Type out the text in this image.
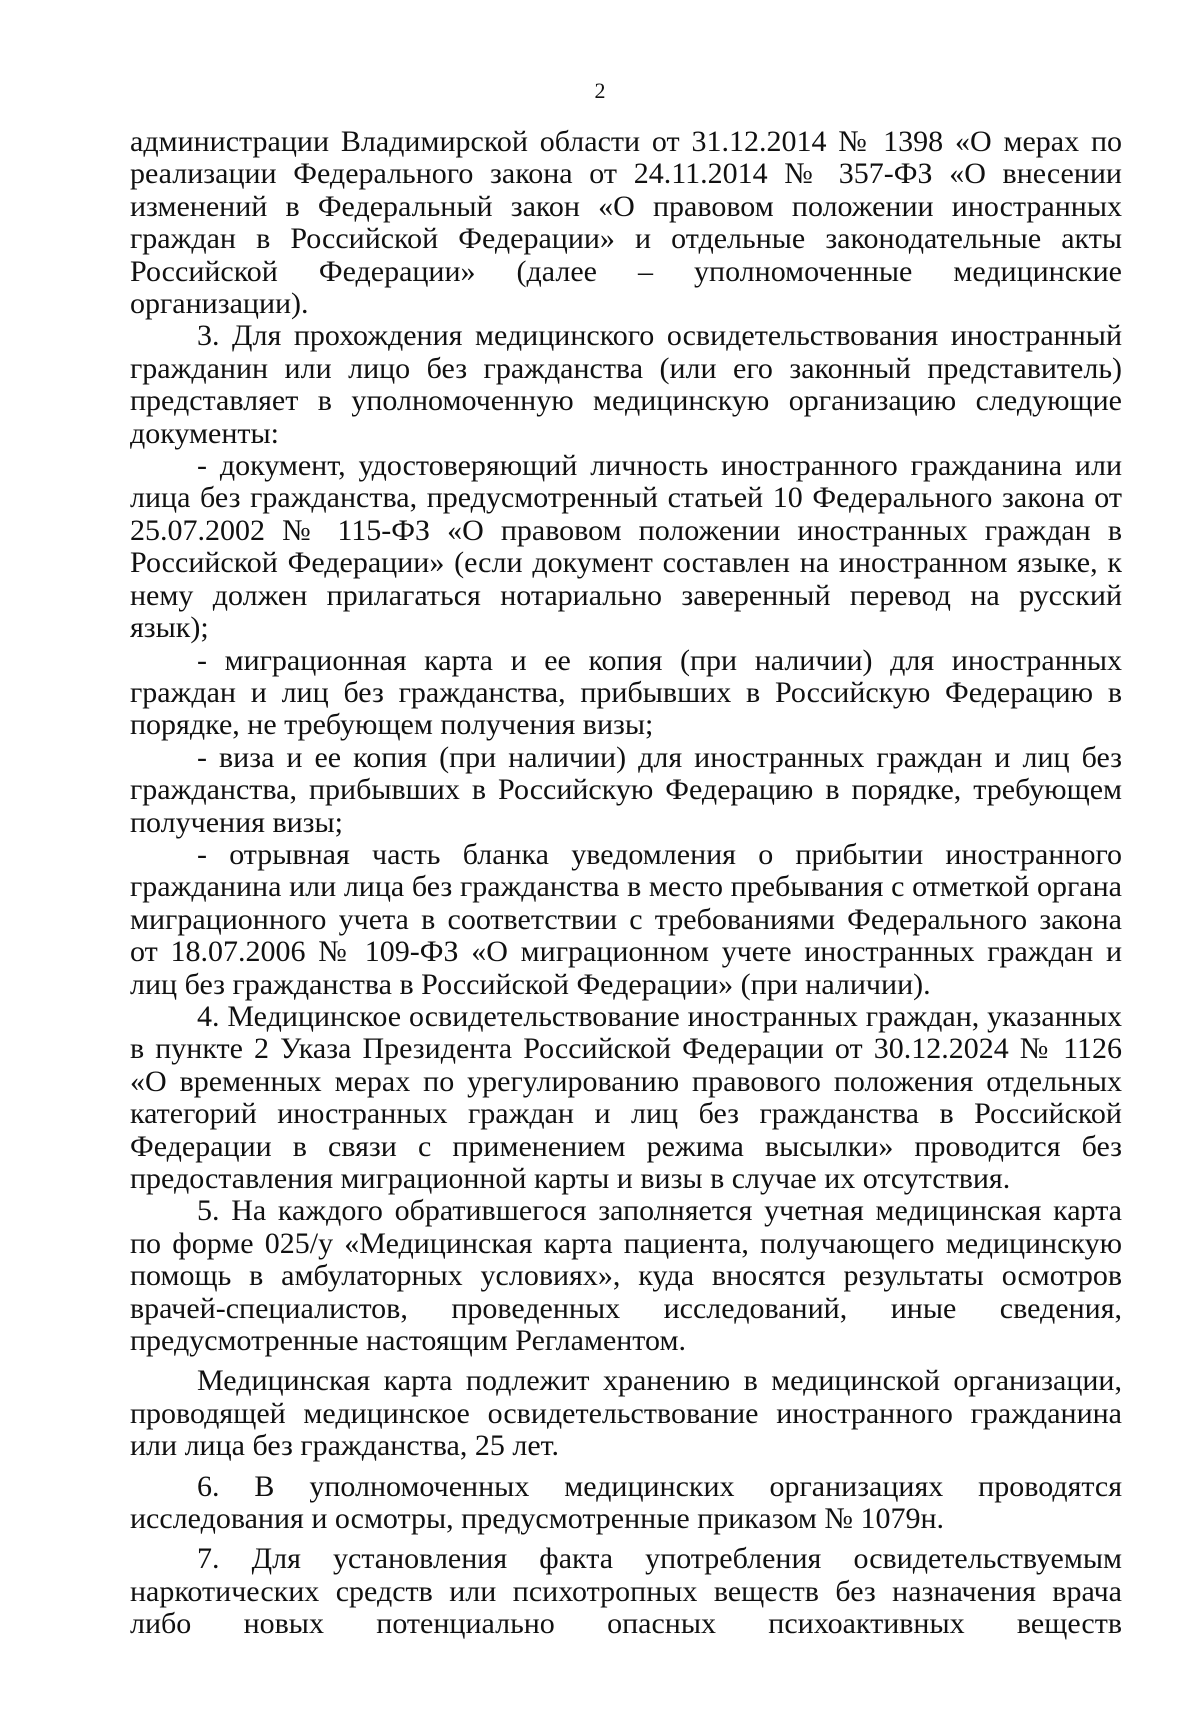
2

администрации Владимирской области от 31.12.2014 № 1398 «О мерах по реализации Федерального закона от 24.11.2014 № 357-ФЗ «О внесении изменений в Федеральный закон «О правовом положении иностранных граждан в Российской Федерации» и отдельные законодательные акты Российской Федерации» (далее – уполномоченные медицинские организации).

3. Для прохождения медицинского освидетельствования иностранный гражданин или лицо без гражданства (или его законный представитель) представляет в уполномоченную медицинскую организацию следующие документы:

- документ, удостоверяющий личность иностранного гражданина или лица без гражданства, предусмотренный статьей 10 Федерального закона от 25.07.2002 № 115-ФЗ «О правовом положении иностранных граждан в Российской Федерации» (если документ составлен на иностранном языке, к нему должен прилагаться нотариально заверенный перевод на русский язык);

- миграционная карта и ее копия (при наличии) для иностранных граждан и лиц без гражданства, прибывших в Российскую Федерацию в порядке, не требующем получения визы;

- виза и ее копия (при наличии) для иностранных граждан и лиц без гражданства, прибывших в Российскую Федерацию в порядке, требующем получения визы;

- отрывная часть бланка уведомления о прибытии иностранного гражданина или лица без гражданства в место пребывания с отметкой органа миграционного учета в соответствии с требованиями Федерального закона от 18.07.2006 № 109-ФЗ «О миграционном учете иностранных граждан и лиц без гражданства в Российской Федерации» (при наличии).

4. Медицинское освидетельствование иностранных граждан, указанных в пункте 2 Указа Президента Российской Федерации от 30.12.2024 № 1126 «О временных мерах по урегулированию правового положения отдельных категорий иностранных граждан и лиц без гражданства в Российской Федерации в связи с применением режима высылки» проводится без предоставления миграционной карты и визы в случае их отсутствия.

5. На каждого обратившегося заполняется учетная медицинская карта по форме 025/у «Медицинская карта пациента, получающего медицинскую помощь в амбулаторных условиях», куда вносятся результаты осмотров врачей-специалистов, проведенных исследований, иные сведения, предусмотренные настоящим Регламентом.

Медицинская карта подлежит хранению в медицинской организации, проводящей медицинское освидетельствование иностранного гражданина или лица без гражданства, 25 лет.

6. В уполномоченных медицинских организациях проводятся исследования и осмотры, предусмотренные приказом № 1079н.

7. Для установления факта употребления освидетельствуемым наркотических средств или психотропных веществ без назначения врача либо новых потенциально опасных психоактивных веществ
